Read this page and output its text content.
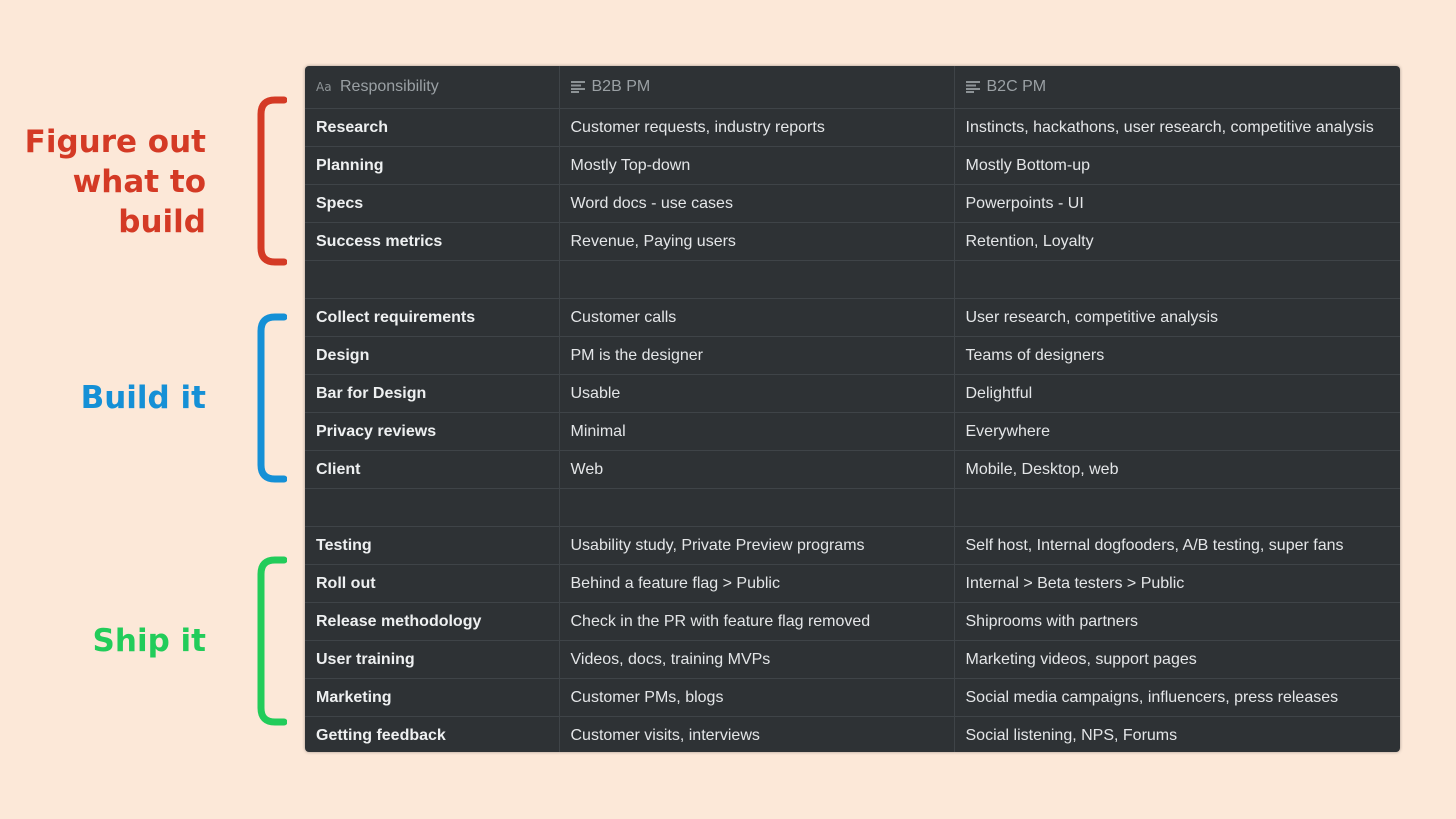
Figure out
what to
build

Build it

Ship it

Aa Responsibility	B2B PM	B2C PM
Research	Customer requests, industry reports	Instincts, hackathons, user research, competitive analysis
Planning	Mostly Top-down	Mostly Bottom-up
Specs	Word docs - use cases	Powerpoints - UI
Success metrics	Revenue, Paying users	Retention, Loyalty

Collect requirements	Customer calls	User research, competitive analysis
Design	PM is the designer	Teams of designers
Bar for Design	Usable	Delightful
Privacy reviews	Minimal	Everywhere
Client	Web	Mobile, Desktop, web

Testing	Usability study, Private Preview programs	Self host, Internal dogfooders, A/B testing, super fans
Roll out	Behind a feature flag > Public	Internal > Beta testers > Public
Release methodology	Check in the PR with feature flag removed	Shiprooms with partners
User training	Videos, docs, training MVPs	Marketing videos, support pages
Marketing	Customer PMs, blogs	Social media campaigns, influencers, press releases
Getting feedback	Customer visits, interviews	Social listening, NPS, Forums
